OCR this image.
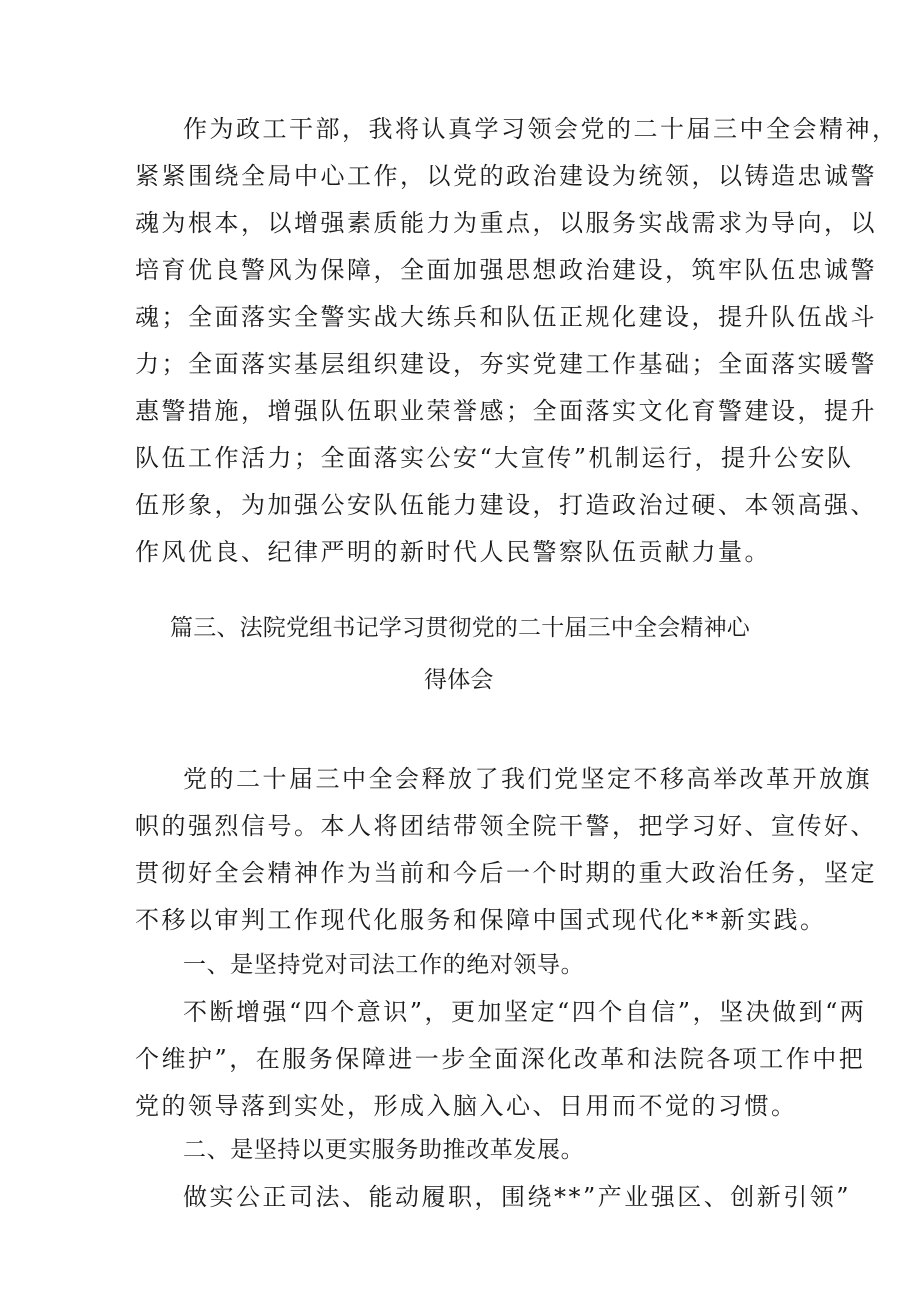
作为政工干部，我将认真学习领会党的二十届三中全会精神，
紧紧围绕全局中心工作，以党的政治建设为统领，以铸造忠诚警
魂为根本，以增强素质能力为重点，以服务实战需求为导向，以
培育优良警风为保障，全面加强思想政治建设，筑牢队伍忠诚警
魂；全面落实全警实战大练兵和队伍正规化建设，提升队伍战斗
力；全面落实基层组织建设，夯实党建工作基础；全面落实暖警
惠警措施，增强队伍职业荣誉感；全面落实文化育警建设，提升
队伍工作活力；全面落实公安“大宣传”机制运行，提升公安队
伍形象，为加强公安队伍能力建设，打造政治过硬、本领高强、
作风优良、纪律严明的新时代人民警察队伍贡献力量。
篇三、法院党组书记学习贯彻党的二十届三中全会精神心
得体会
党的二十届三中全会释放了我们党坚定不移高举改革开放旗
帜的强烈信号。本人将团结带领全院干警，把学习好、宣传好、
贯彻好全会精神作为当前和今后一个时期的重大政治任务，坚定
不移以审判工作现代化服务和保障中国式现代化**新实践。
一、是坚持党对司法工作的绝对领导。
不断增强“四个意识”，更加坚定“四个自信”，坚决做到“两
个维护”，在服务保障进一步全面深化改革和法院各项工作中把
党的领导落到实处，形成入脑入心、日用而不觉的习惯。
二、是坚持以更实服务助推改革发展。
做实公正司法、能动履职，围绕**”产业强区、创新引领”
